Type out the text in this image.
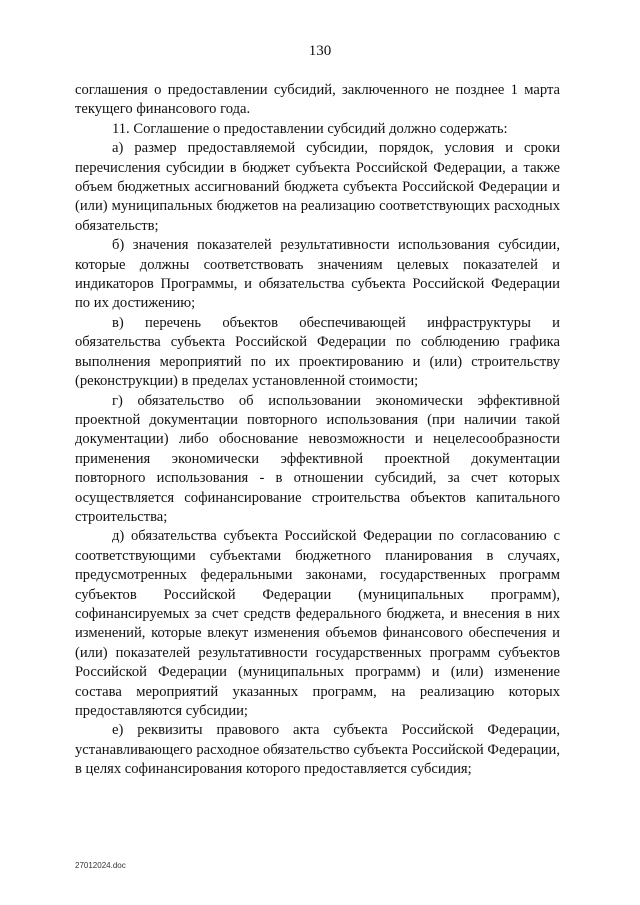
130

соглашения о предоставлении субсидий, заключенного не позднее 1 марта текущего финансового года.

11. Соглашение о предоставлении субсидий должно содержать:

а) размер предоставляемой субсидии, порядок, условия и сроки перечисления субсидии в бюджет субъекта Российской Федерации, а также объем бюджетных ассигнований бюджета субъекта Российской Федерации и (или) муниципальных бюджетов на реализацию соответствующих расходных обязательств;

б) значения показателей результативности использования субсидии, которые должны соответствовать значениям целевых показателей и индикаторов Программы, и обязательства субъекта Российской Федерации по их достижению;

в) перечень объектов обеспечивающей инфраструктуры и обязательства субъекта Российской Федерации по соблюдению графика выполнения мероприятий по их проектированию и (или) строительству (реконструкции) в пределах установленной стоимости;

г) обязательство об использовании экономически эффективной проектной документации повторного использования (при наличии такой документации) либо обоснование невозможности и нецелесообразности применения экономически эффективной проектной документации повторного использования - в отношении субсидий, за счет которых осуществляется софинансирование строительства объектов капитального строительства;

д) обязательства субъекта Российской Федерации по согласованию с соответствующими субъектами бюджетного планирования в случаях, предусмотренных федеральными законами, государственных программ субъектов Российской Федерации (муниципальных программ), софинансируемых за счет средств федерального бюджета, и внесения в них изменений, которые влекут изменения объемов финансового обеспечения и (или) показателей результативности государственных программ субъектов Российской Федерации (муниципальных программ) и (или) изменение состава мероприятий указанных программ, на реализацию которых предоставляются субсидии;

е) реквизиты правового акта субъекта Российской Федерации, устанавливающего расходное обязательство субъекта Российской Федерации, в целях софинансирования которого предоставляется субсидия;

27012024.doc
